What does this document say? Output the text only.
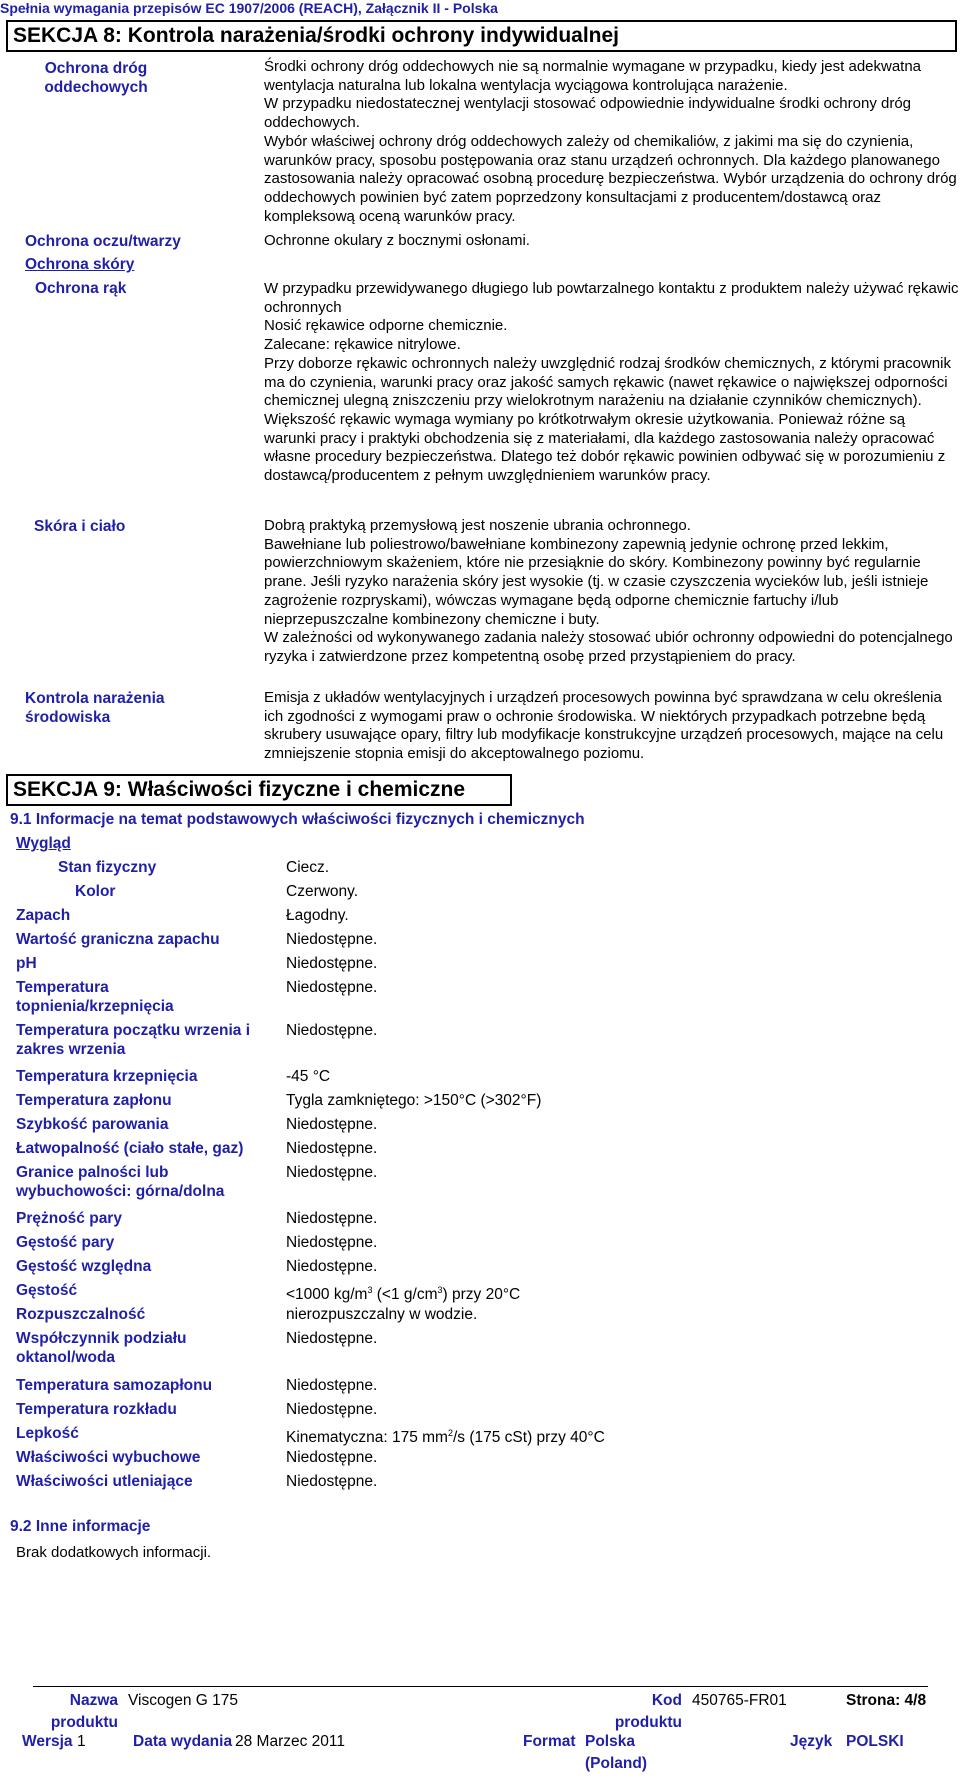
Spełnia wymagania przepisów EC 1907/2006 (REACH), Załącznik II - Polska
SEKCJA 8: Kontrola narażenia/środki ochrony indywidualnej
Ochrona dróg oddechowych

Środki ochrony dróg oddechowych nie są normalnie wymagane w przypadku, kiedy jest adekwatna wentylacja naturalna lub lokalna wentylacja wyciągowa kontrolująca narażenie.

W przypadku niedostatecznej wentylacji stosować odpowiednie indywidualne środki ochrony dróg oddechowych.

Wybór właściwej ochrony dróg oddechowych zależy od chemikaliów, z jakimi ma się do czynienia, warunków pracy, sposobu postępowania oraz stanu urządzeń ochronnych. Dla każdego planowanego zastosowania należy opracować osobną procedurę bezpieczeństwa. Wybór urządzenia do ochrony dróg oddechowych powinien być zatem poprzedzony konsultacjami z producentem/dostawcą oraz kompleksową oceną warunków pracy.

Ochrona oczu/twarzy	Ochronne okulary z bocznymi osłonami.
Ochrona skóry
Ochrona rąk	W przypadku przewidywanego długiego lub powtarzalnego kontaktu z produktem należy używać rękawic ochronnych

Nosić rękawice odporne chemicznie.

Zalecane: rękawice nitrylowe.

Przy doborze rękawic ochronnych należy uwzględnić rodzaj środków chemicznych, z którymi pracownik ma do czynienia, warunki pracy oraz jakość samych rękawic (nawet rękawice o największej odporności chemicznej ulegną zniszczeniu przy wielokrotnym narażeniu na działanie czynników chemicznych). Większość rękawic wymaga wymiany po krótkotrwałym okresie użytkowania. Ponieważ różne są warunki pracy i praktyki obchodzenia się z materiałami, dla każdego zastosowania należy opracować własne procedury bezpieczeństwa. Dlatego też dobór rękawic powinien odbywać się w porozumieniu z dostawcą/producentem z pełnym uwzględnieniem warunków pracy.

Skóra i ciało	Dobrą praktyką przemysłową jest noszenie ubrania ochronnego.

Bawełniane lub poliestrowo/bawełniane kombinezony zapewnią jedynie ochronę przed lekkim, powierzchniowym skażeniem, które nie przesiąknie do skóry. Kombinezony powinny być regularnie prane. Jeśli ryzyko narażenia skóry jest wysokie (tj. w czasie czyszczenia wycieków lub, jeśli istnieje zagrożenie rozpryskami), wówczas wymagane będą odporne chemicznie fartuchy i/lub nieprzepuszczalne kombinezony chemiczne i buty.

W zależności od wykonywanego zadania należy stosować ubiór ochronny odpowiedni do potencjalnego ryzyka i zatwierdzone przez kompetentną osobę przed przystąpieniem do pracy.

Kontrola narażenia środowiska
Emisja z układów wentylacyjnych i urządzeń procesowych powinna być sprawdzana w celu określenia ich zgodności z wymogami praw o ochronie środowiska. W niektórych przypadkach potrzebne będą skrubery usuwające opary, filtry lub modyfikacje konstrukcyjne urządzeń procesowych, mające na celu zmniejszenie stopnia emisji do akceptowalnego poziomu.
SEKCJA 9: Właściwości fizyczne i chemiczne
9.1 Informacje na temat podstawowych właściwości fizycznych i chemicznych
Wygląd
Stan fizyczny	Ciecz.
Kolor	Czerwony.
Zapach	Łagodny.
Wartość graniczna zapachu	Niedostępne.
pH	Niedostępne.
Temperatura topnienia/krzepnięcia
Niedostępne.
Temperatura początku wrzenia i zakres wrzenia
Niedostępne.
Temperatura krzepnięcia	-45 °C
Temperatura zapłonu	Tygla zamkniętego: >150°C (>302°F)
Szybkość parowania	Niedostępne.
Łatwopalność (ciało stałe, gaz)	Niedostępne.
Granice palności lub wybuchowości: górna/dolna
Niedostępne.
Prężność pary	Niedostępne.
Gęstość pary	Niedostępne.
Gęstość względna	Niedostępne.
Gęstość	<1000 $kg/m^3$ (<1 $g/cm^3$) przy 20°C
Rozpuszczalność	nierozpuszczalny w wodzie.
Współczynnik podziału oktanol/woda
Niedostępne.
Temperatura samozapłonu	Niedostępne.
Temperatura rozkładu	Niedostępne.
Lepkość	Kinematyczna: 175 $mm^2/s$ (175 cSt) przy 40°C
Właściwości wybuchowe	Niedostępne.
Właściwości utleniające	Niedostępne.
9.2 Inne informacje
Brak dodatkowych informacji.
Nazwa produktu
Viscogen G 175	Kod produktu
450765-FR01	Strona: 4/8
Wersja 1	Data wydania 28 Marzec 2011	Format Polska (Poland)
Język POLSKI
